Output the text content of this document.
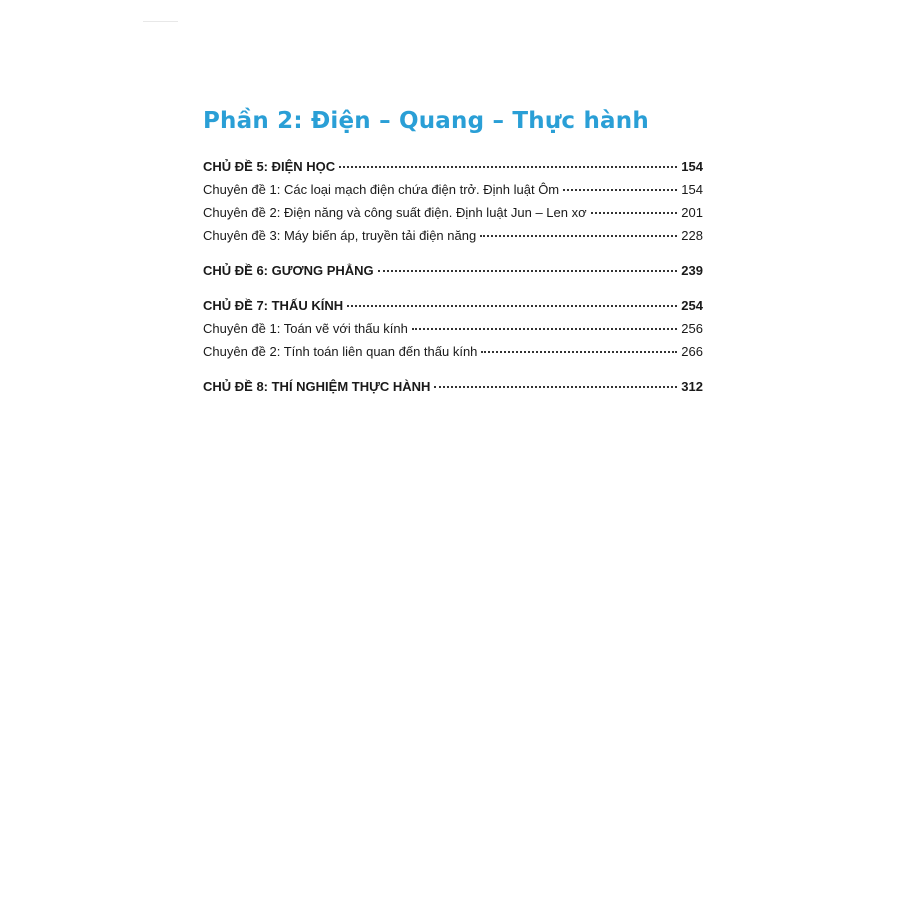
Phần 2: Điện – Quang – Thực hành
CHỦ ĐỀ 5: ĐIỆN HỌC	154
Chuyên đề 1: Các loại mạch điện chứa điện trở. Định luật Ôm	154
Chuyên đề 2: Điện năng và công suất điện. Định luật Jun – Len xơ	201
Chuyên đề 3: Máy biến áp, truyền tải điện năng	228
CHỦ ĐỀ 6: GƯƠNG PHẲNG	239
CHỦ ĐỀ 7: THẤU KÍNH	254
Chuyên đề 1: Toán vẽ với thấu kính	256
Chuyên đề 2: Tính toán liên quan đến thấu kính	266
CHỦ ĐỀ 8: THÍ NGHIỆM THỰC HÀNH	312
